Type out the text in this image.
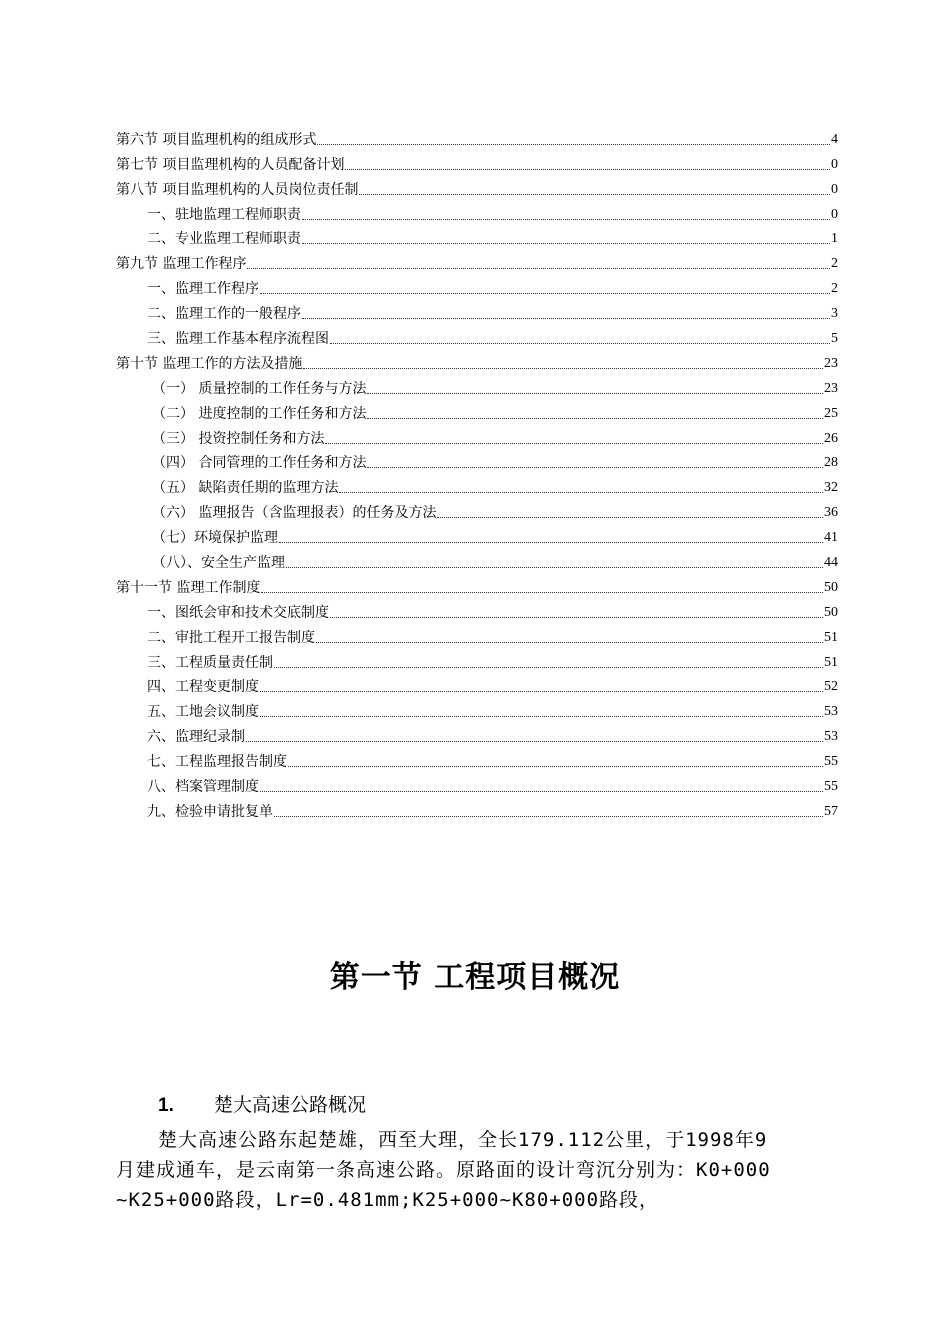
第六节 项目监理机构的组成形式	4
第七节 项目监理机构的人员配备计划	0
第八节 项目监理机构的人员岗位责任制	0
一、驻地监理工程师职责	0
二、专业监理工程师职责	1
第九节 监理工作程序	2
一、监理工作程序	2
二、监理工作的一般程序	3
三、监理工作基本程序流程图	5
第十节 监理工作的方法及措施	23
（一） 质量控制的工作任务与方法	23
（二） 进度控制的工作任务和方法	25
（三） 投资控制任务和方法	26
（四） 合同管理的工作任务和方法	28
（五） 缺陷责任期的监理方法	32
（六） 监理报告（含监理报表）的任务及方法	36
（七）环境保护监理	41
（八）、安全生产监理	44
第十一节 监理工作制度	50
一、图纸会审和技术交底制度	50
二、审批工程开工报告制度	51
三、工程质量责任制	51
四、工程变更制度	52
五、工地会议制度	53
六、监理纪录制	53
七、工程监理报告制度	55
八、档案管理制度	55
九、检验申请批复单	57
第一节 工程项目概况
1. 楚大高速公路概况
楚大高速公路东起楚雄，西至大理，全长179.112公里，于1998年9
月建成通车，是云南第一条高速公路。原路面的设计弯沉分别为：K0+000
~K25+000路段，Lr=0.481mm;K25+000~K80+000路段，
